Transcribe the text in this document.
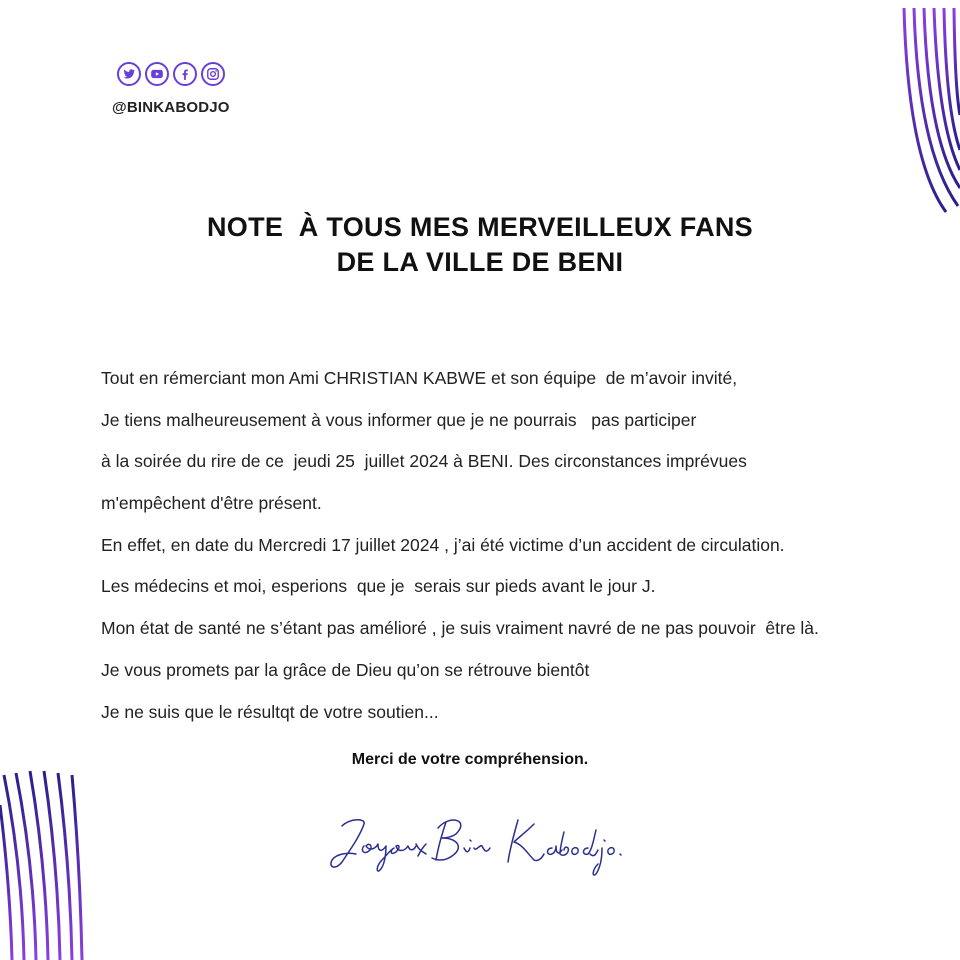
@BINKABODJO
NOTE  À TOUS MES MERVEILLEUX FANS
DE LA VILLE DE BENI
Tout en rémerciant mon Ami CHRISTIAN KABWE et son équipe  de m’avoir invité,
Je tiens malheureusement à vous informer que je ne pourrais   pas participer
à la soirée du rire de ce  jeudi 25  juillet 2024 à BENI. Des circonstances imprévues
m'empêchent d'être présent.
En effet, en date du Mercredi 17 juillet 2024 , j’ai été victime d’un accident de circulation.
Les médecins et moi, esperions  que je  serais sur pieds avant le jour J.
Mon état de santé ne s’étant pas amélioré , je suis vraiment navré de ne pas pouvoir  être là.
Je vous promets par la grâce de Dieu qu’on se rétrouve bientôt
Je ne suis que le résultqt de votre soutien...
Merci de votre compréhension.
